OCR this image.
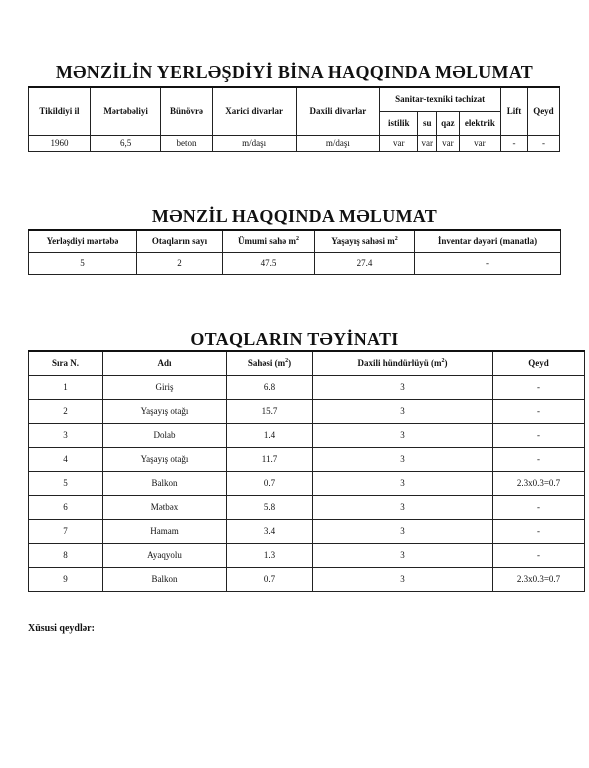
MƏNZİLİN YERLƏŞDİYİ BİNA HAQQINDA MƏLUMAT
Tikildiyi il	Mərtəbəliyi	Bünövrə	Xarici divarlar	Daxili divarlar	Sanitar-texniki təchizat				Lift	Qeyd
					istilik	su	qaz	elektrik		
1960	6,5	beton	m/daşı	m/daşı	var	var	var	var	-	-
MƏNZİL HAQQINDA MƏLUMAT
Yerləşdiyi mərtəbə	Otaqların sayı	Ümumi sahə $m^2$	Yaşayış sahəsi $m^2$	İnventar dəyəri (manatla)
5	2	47.5	27.4	-
OTAQLARIN TƏYİNATI
Sıra N.	Adı	Sahəsi $(m^2)$	Daxili hündürlüyü $(m^2)$	Qeyd
1	Giriş	6.8	3	-
2	Yaşayış otağı	15.7	3	-
3	Dolab	1.4	3	-
4	Yaşayış otağı	11.7	3	-
5	Balkon	0.7	3	2.3x0.3=0.7
6	Mətbəx	5.8	3	-
7	Hamam	3.4	3	-
8	Ayaqyolu	1.3	3	-
9	Balkon	0.7	3	2.3x0.3=0.7
Xüsusi qeydlər:
